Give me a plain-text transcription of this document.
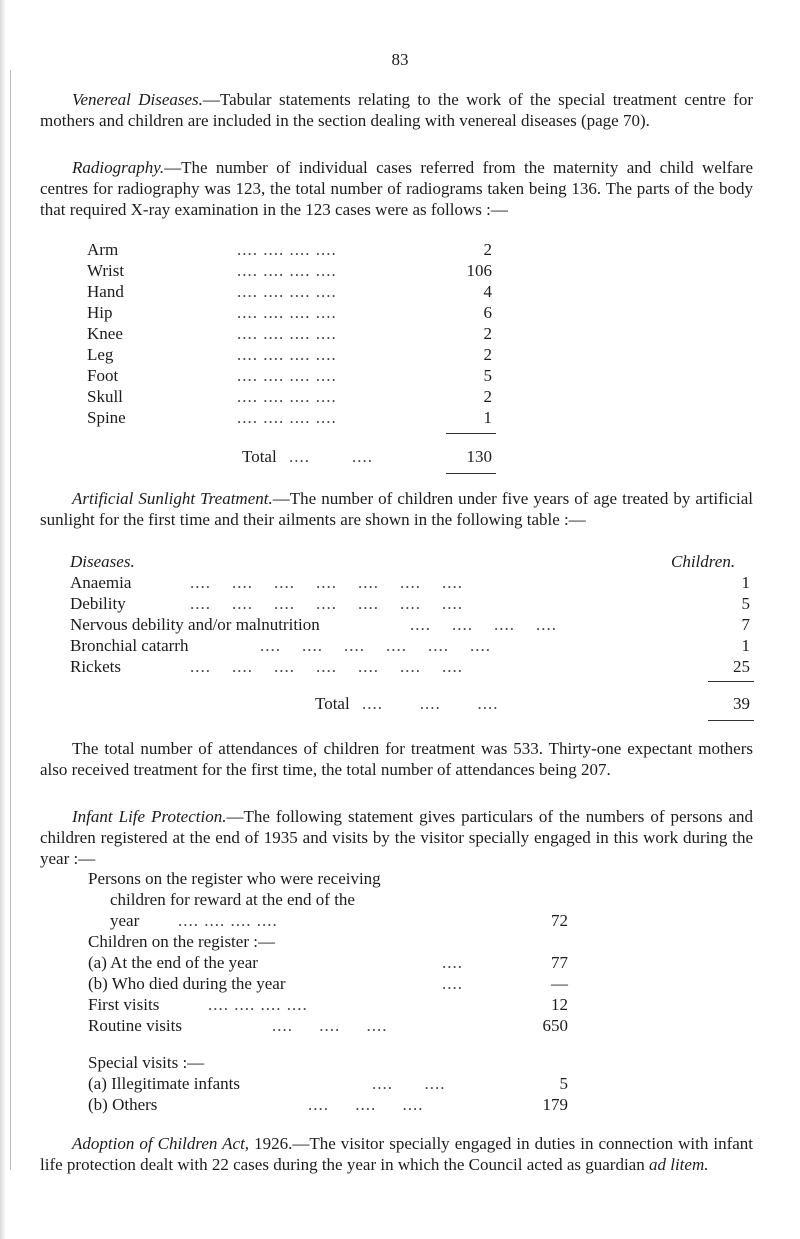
83

Venereal Diseases.—Tabular statements relating to the work of the special treatment centre for mothers and children are included in the section dealing with venereal diseases (page 70).

Radiography.—The number of individual cases referred from the maternity and child welfare centres for radiography was 123, the total number of radiograms taken being 136. The parts of the body that required X-ray examination in the 123 cases were as follows :—

Arm	.... .... .... ....	2
Wrist	.... .... .... ....	106
Hand	.... .... .... ....	4
Hip	.... .... .... ....	6
Knee	.... .... .... ....	2
Leg	.... .... .... ....	2
Foot	.... .... .... ....	5
Skull	.... .... .... ....	2
Spine	.... .... .... ....	1
Total ....        ....	130

Artificial Sunlight Treatment.—The number of children under five years of age treated by artificial sunlight for the first time and their ailments are shown in the following table :—

Diseases.	Children.
Anaemia	....    ....    ....    ....    ....    ....    ....	1
Debility	....    ....    ....    ....    ....    ....    ....	5
Nervous debility and/or malnutrition	....    ....    ....    ....	7
Bronchial catarrh	....    ....    ....    ....    ....    ....	1
Rickets	....    ....    ....    ....    ....    ....    ....	25
Total ....       ....       ....	39

The total number of attendances of children for treatment was 533. Thirty-one expectant mothers also received treatment for the first time, the total number of attendances being 207.

Infant Life Protection.—The following statement gives particulars of the numbers of persons and children registered at the end of 1935 and visits by the visitor specially engaged in this work during the year :—

Persons on the register who were receiving
children for reward at the end of the
year .... .... .... ....	72
Children on the register :—
(a) At the end of the year	....	77
(b) Who died during the year	....	—
First visits	.... .... .... ....	12
Routine visits	....     ....     ....	650
Special visits :—
(a) Illegitimate infants	....      ....	5
(b) Others	....     ....     ....	179

Adoption of Children Act, 1926.—The visitor specially engaged in duties in connection with infant life protection dealt with 22 cases during the year in which the Council acted as guardian ad litem.
